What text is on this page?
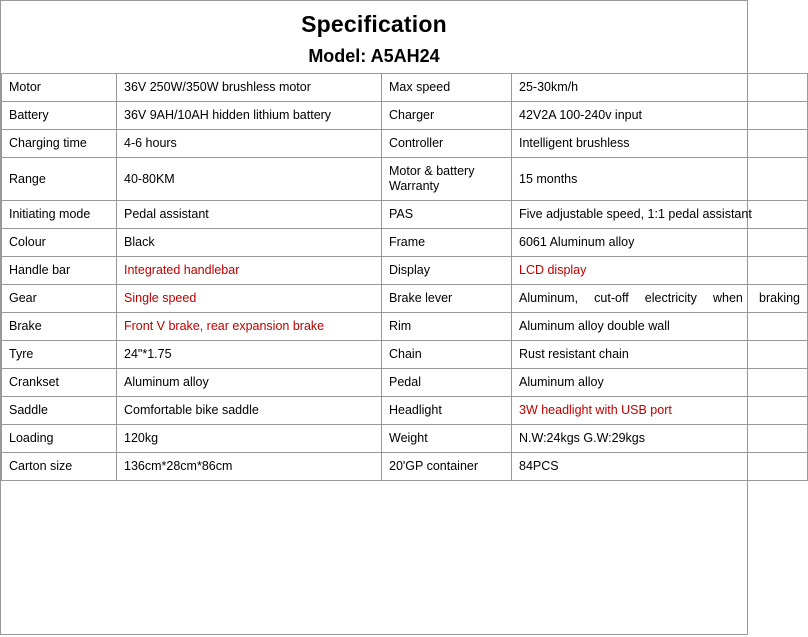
Specification
Model: A5AH24
Motor	36V 250W/350W brushless motor	Max speed	25-30km/h
Battery	36V 9AH/10AH hidden lithium battery	Charger	42V2A 100-240v input
Charging time	4-6 hours	Controller	Intelligent brushless
Range	40-80KM	Motor & battery Warranty	15 months
Initiating mode	Pedal assistant	PAS	Five adjustable speed, 1:1 pedal assistant
Colour	Black	Frame	6061 Aluminum alloy
Handle bar	Integrated handlebar	Display	LCD display
Gear	Single speed	Brake lever	Aluminum, cut-off electricity when braking
Brake	Front V brake, rear expansion brake	Rim	Aluminum alloy double wall
Tyre	24"*1.75	Chain	Rust resistant chain
Crankset	Aluminum alloy	Pedal	Aluminum alloy
Saddle	Comfortable bike saddle	Headlight	3W headlight with USB port
Loading	120kg	Weight	N.W:24kgs G.W:29kgs
Carton size	136cm*28cm*86cm	20'GP container	84PCS
